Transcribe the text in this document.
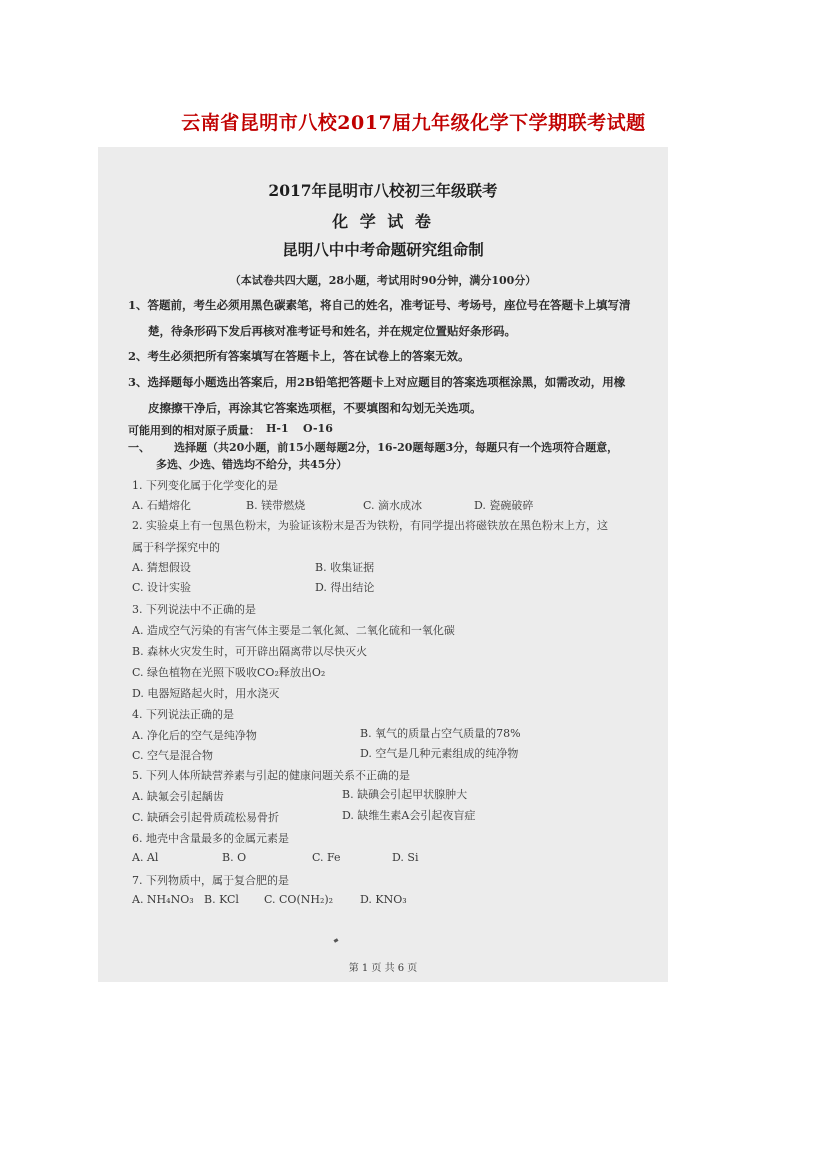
云南省昆明市八校2017届九年级化学下学期联考试题
2017年昆明市八校初三年级联考
化 学 试 卷
昆明八中中考命题研究组命制
（本试卷共四大题，28小题，考试用时90分钟，满分100分）
1、答题前，考生必须用黑色碳素笔，将自己的姓名，准考证号、考场号，座位号在答题卡上填写清
楚，待条形码下发后再核对准考证号和姓名，并在规定位置贴好条形码。
2、考生必须把所有答案填写在答题卡上，答在试卷上的答案无效。
3、选择题每小题选出答案后，用2B铅笔把答题卡上对应题目的答案选项框涂黑，如需改动，用橡
皮擦擦干净后，再涂其它答案选项框，不要填图和勾划无关选项。
可能用到的相对原子质量： H-1 O-16
一、 选择题（共20小题，前15小题每题2分，16-20题每题3分，每题只有一个选项符合题意，
多选、少选、错选均不给分，共45分）
1. 下列变化属于化学变化的是
A. 石蜡熔化	B. 镁带燃烧	C. 滴水成冰	D. 瓷碗破碎
2. 实验桌上有一包黑色粉末，为验证该粉末是否为铁粉，有同学提出将磁铁放在黑色粉末上方，这
属于科学探究中的
A. 猜想假设	B. 收集证据
C. 设计实验	D. 得出结论
3. 下列说法中不正确的是
A. 造成空气污染的有害气体主要是二氧化氮、二氧化硫和一氧化碳
B. 森林火灾发生时，可开辟出隔离带以尽快灭火
C. 绿色植物在光照下吸收CO₂释放出O₂
D. 电器短路起火时，用水浇灭
4. 下列说法正确的是
A. 净化后的空气是纯净物	B. 氧气的质量占空气质量的78%
C. 空气是混合物	D. 空气是几种元素组成的纯净物
5. 下列人体所缺营养素与引起的健康问题关系不正确的是
A. 缺氟会引起龋齿	B. 缺碘会引起甲状腺肿大
C. 缺硒会引起骨质疏松易骨折	D. 缺维生素A会引起夜盲症
6. 地壳中含量最多的金属元素是
A. Al	B. O	C. Fe	D. Si
7. 下列物质中，属于复合肥的是
A. NH₄NO₃ B. KCl C. CO(NH₂)₂ D. KNO₃
第 1 页 共 6 页
